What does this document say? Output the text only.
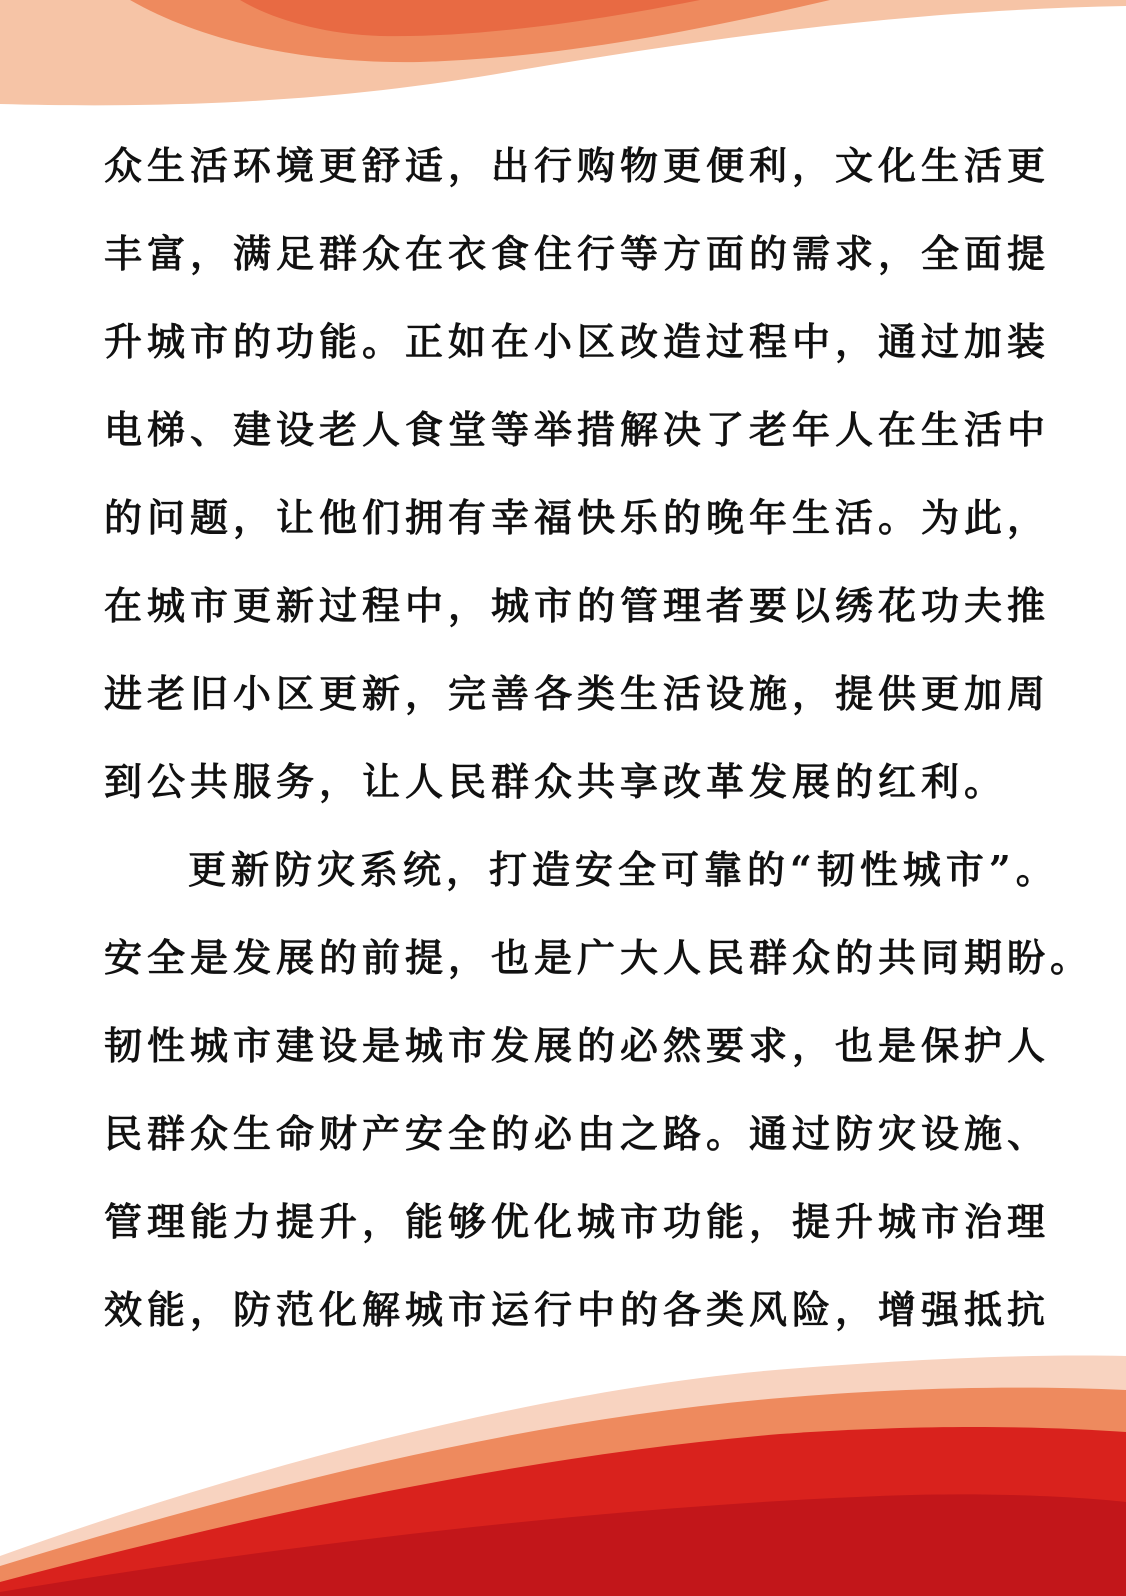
众生活环境更舒适，出行购物更便利，文化生活更
丰富，满足群众在衣食住行等方面的需求，全面提
升城市的功能。正如在小区改造过程中，通过加装
电梯、建设老人食堂等举措解决了老年人在生活中
的问题，让他们拥有幸福快乐的晚年生活。为此，
在城市更新过程中，城市的管理者要以绣花功夫推
进老旧小区更新，完善各类生活设施，提供更加周
到公共服务，让人民群众共享改革发展的红利。
更新防灾系统，打造安全可靠的“韧性城市”。
安全是发展的前提，也是广大人民群众的共同期盼。
韧性城市建设是城市发展的必然要求，也是保护人
民群众生命财产安全的必由之路。通过防灾设施、
管理能力提升，能够优化城市功能，提升城市治理
效能，防范化解城市运行中的各类风险，增强抵抗
